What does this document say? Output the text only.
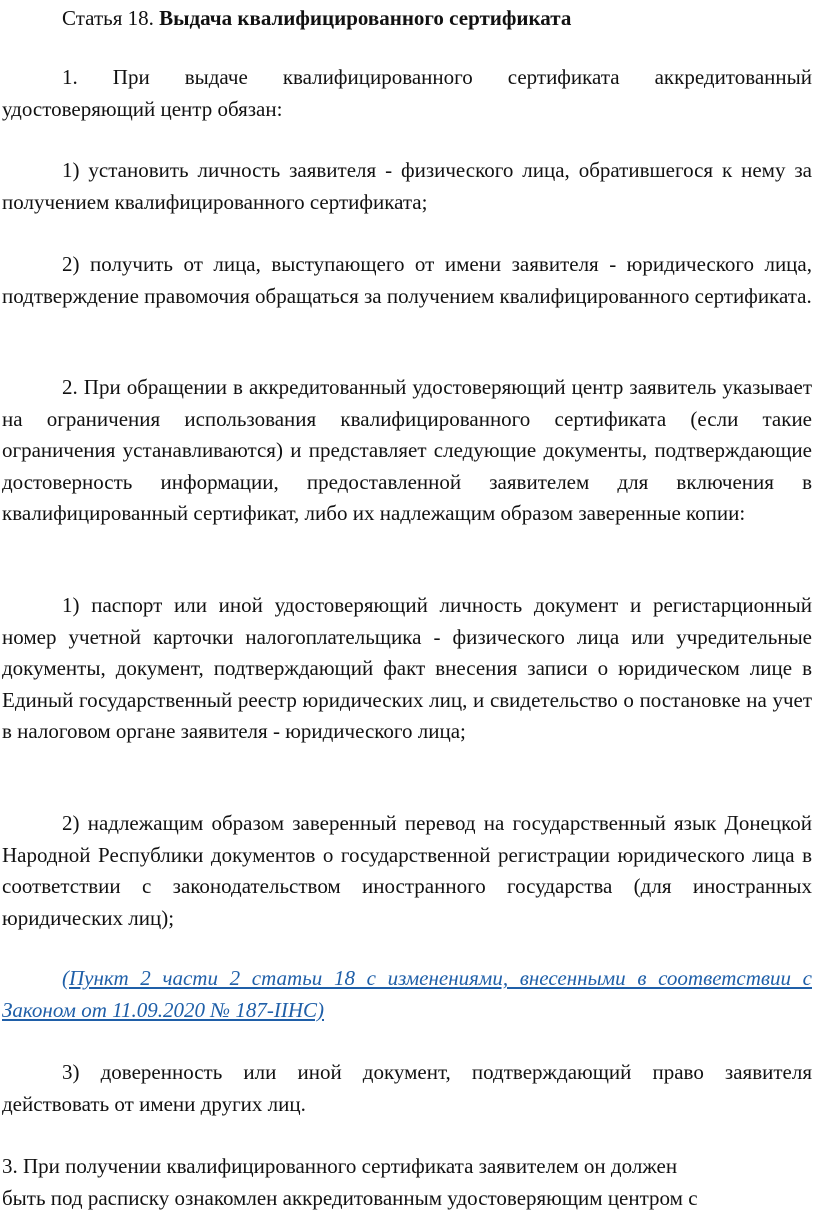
Статья 18. Выдача квалифицированного сертификата

1. При выдаче квалифицированного сертификата аккредитованный удостоверяющий центр обязан:

1) установить личность заявителя - физического лица, обратившегося к нему за получением квалифицированного сертификата;

2) получить от лица, выступающего от имени заявителя - юридического лица, подтверждение правомочия обращаться за получением квалифицированного сертификата.

2. При обращении в аккредитованный удостоверяющий центр заявитель указывает на ограничения использования квалифицированного сертификата (если такие ограничения устанавливаются) и представляет следующие документы, подтверждающие достоверность информации, предоставленной заявителем для включения в квалифицированный сертификат, либо их надлежащим образом заверенные копии:

1) паспорт или иной удостоверяющий личность документ и регистарционный номер учетной карточки налогоплательщика - физического лица или учредительные документы, документ, подтверждающий факт внесения записи о юридическом лице в Единый государственный реестр юридических лиц, и свидетельство о постановке на учет в налоговом органе заявителя - юридического лица;

2) надлежащим образом заверенный перевод на государственный язык Донецкой Народной Республики документов о государственной регистрации юридического лица в соответствии с законодательством иностранного государства (для иностранных юридических лиц);

(Пункт 2 части 2 статьи 18 с изменениями, внесенными в соответствии с Законом от 11.09.2020 № 187-IIНС)

3) доверенность или иной документ, подтверждающий право заявителя действовать от имени других лиц.

3. При получении квалифицированного сертификата заявителем он должен
быть под расписку ознакомлен аккредитованным удостоверяющим центром с
